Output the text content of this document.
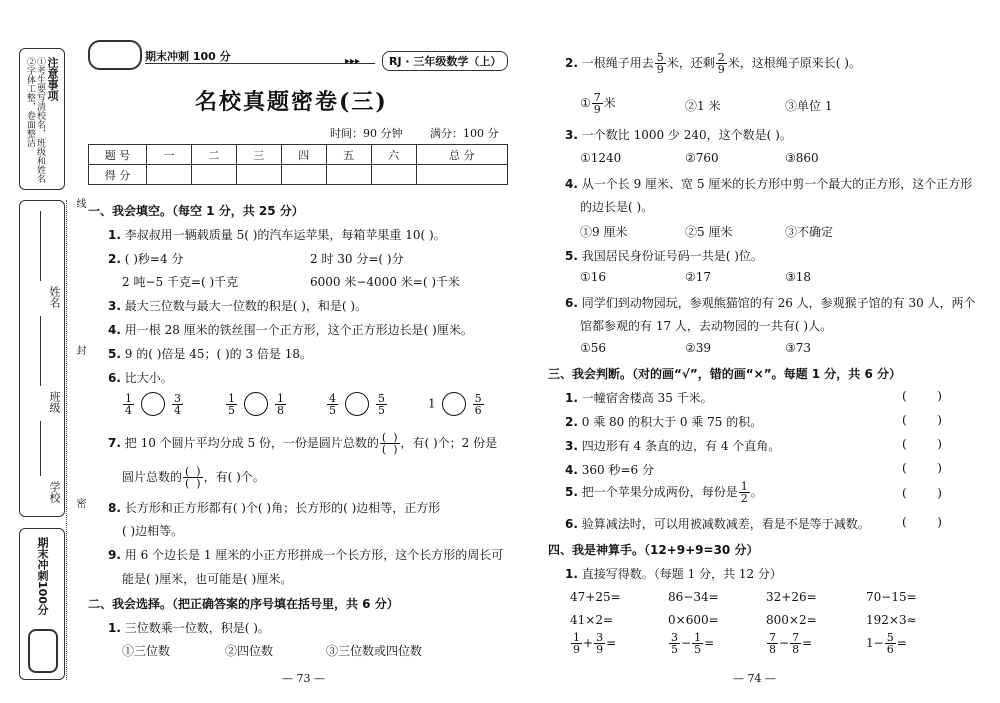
注意事项
①考生要写清校名，班级和姓名
②字体工整，卷面整洁
姓名
班级
学校
期末冲刺100分
线
封
密
期末冲刺 100 分	▸▸▸	RJ · 三年级数学（上）
名校真题密卷(三)
时间：90 分钟	满分：100 分
题 号	一	二	三	四	五	六	总 分
得 分							
一、我会填空。（每空 1 分，共 25 分）
1. 李叔叔用一辆载质量 5( )的汽车运苹果，每箱苹果重 10( )。
2. ( )秒=4 分	2 时 30 分=( )分
2 吨−5 千克=( )千克	6000 米−4000 米=( )千米
3. 最大三位数与最大一位数的积是( )，和是( )。
4. 用一根 28 厘米的铁丝围一个正方形，这个正方形边长是( )厘米。
5. 9 的( )倍是 45；( )的 3 倍是 18。
6. 比大小。
$\frac{1}{4}$	$\frac{3}{4}$	$\frac{1}{5}$	$\frac{1}{8}$	$\frac{4}{5}$	$\frac{5}{5}$	1	$\frac{5}{6}$
7. 把 10 个圆片平均分成 5 份，一份是圆片总数的 $\frac{( )}{( )}$ ，有( )个；2 份是
圆片总数的 $\frac{( )}{( )}$ ，有( )个。
8. 长方形和正方形都有( )个( )角；长方形的( )边相等，正方形
( )边相等。
9. 用 6 个边长是 1 厘米的小正方形拼成一个长方形，这个长方形的周长可
能是( )厘米，也可能是( )厘米。
二、我会选择。（把正确答案的序号填在括号里，共 6 分）
1. 三位数乘一位数，积是( )。
①三位数	②四位数	③三位数或四位数
— 73 —
2. 一根绳子用去 $\frac{5}{9}$ 米，还剩 $\frac{2}{9}$ 米，这根绳子原来长( )。
① $\frac{7}{9}$ 米	②1 米	③单位 1
3. 一个数比 1000 少 240，这个数是( )。
①1240	②760	③860
4. 从一个长 9 厘米、宽 5 厘米的长方形中剪一个最大的正方形，这个正方形
的边长是( )。
①9 厘米	②5 厘米	③不确定
5. 我国居民身份证号码一共是( )位。
①16	②17	③18
6. 同学们到动物园玩，参观熊猫馆的有 26 人，参观猴子馆的有 30 人，两个
馆都参观的有 17 人，去动物园的一共有( )人。
①56	②39	③73
三、我会判断。（对的画“√”，错的画“×”。每题 1 分，共 6 分）
1. 一幢宿舍楼高 35 千米。	(        )
2. 0 乘 80 的积大于 0 乘 75 的积。	(        )
3. 四边形有 4 条直的边，有 4 个直角。	(        )
4. 360 秒=6 分	(        )
5. 把一个苹果分成两份，每份是 $\frac{1}{2}$ 。	(        )
6. 验算减法时，可以用被减数减差，看是不是等于减数。	(        )
四、我是神算手。（12+9+9=30 分）
1. 直接写得数。（每题 1 分，共 12 分）
47+25=	86−34=	32+26=	70−15=
41×2=	0×600=	800×2=	192×3≈
$\frac{1}{9} + \frac{3}{9}$ =	$\frac{3}{5} - \frac{1}{5}$ =	$\frac{7}{8} - \frac{7}{8}$ =	$1- \frac{5}{6}$ =
— 74 —
